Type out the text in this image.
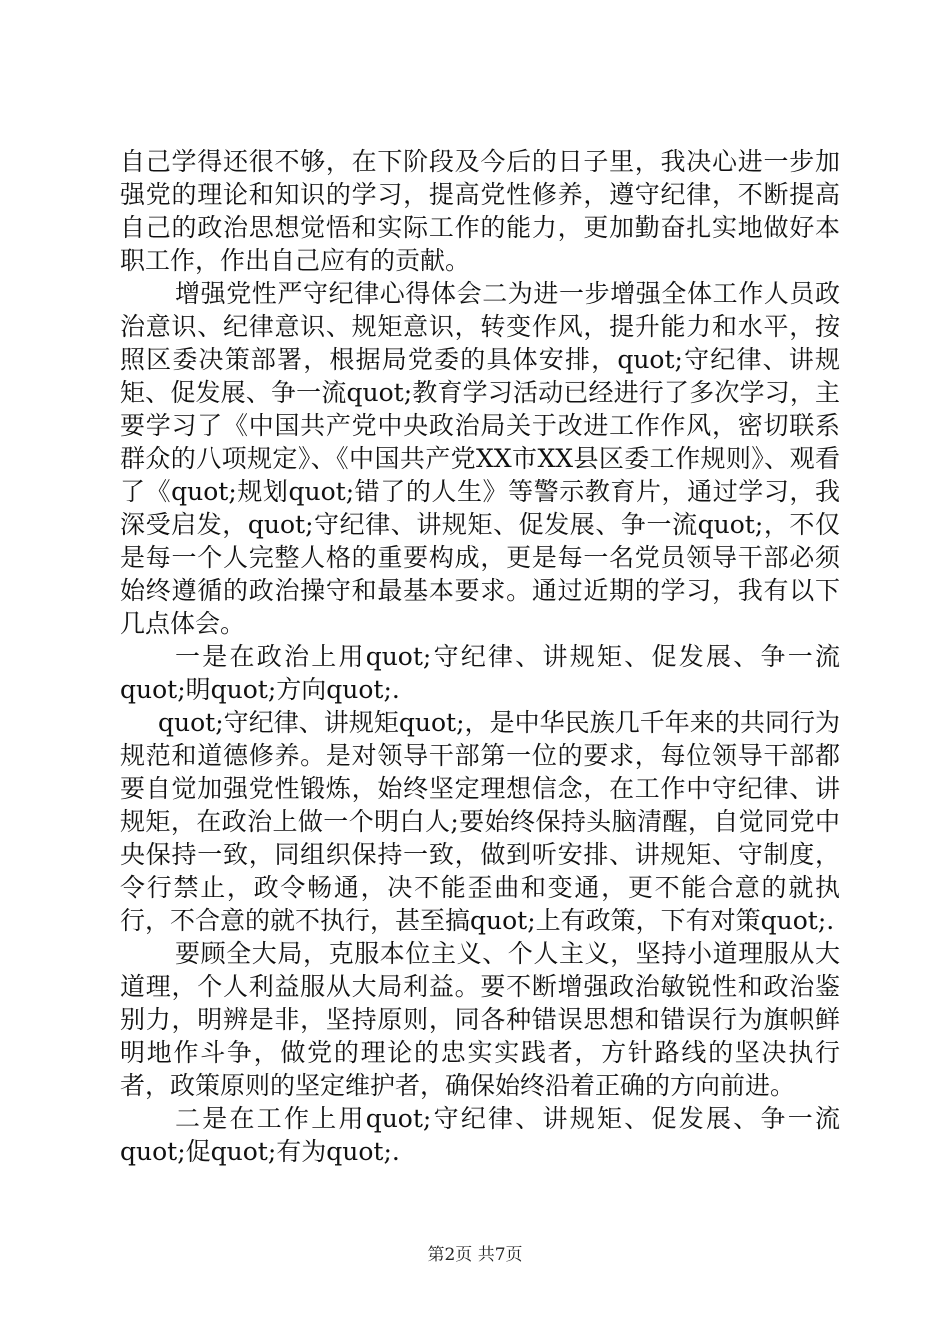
自己学得还很不够，在下阶段及今后的日子里，我决心进一步加强党的理论和知识的学习，提高党性修养，遵守纪律，不断提高自己的政治思想觉悟和实际工作的能力，更加勤奋扎实地做好本职工作，作出自己应有的贡献。

增强党性严守纪律心得体会二为进一步增强全体工作人员政治意识、纪律意识、规矩意识，转变作风，提升能力和水平，按照区委决策部署，根据局党委的具体安排，quot;守纪律、讲规矩、促发展、争一流quot;教育学习活动已经进行了多次学习，主要学习了《中国共产党中央政治局关于改进工作作风，密切联系群众的八项规定》、《中国共产党XX市XX县区委工作规则》、观看了《quot;规划quot;错了的人生》等警示教育片，通过学习，我深受启发，quot;守纪律、讲规矩、促发展、争一流quot;，不仅是每一个人完整人格的重要构成，更是每一名党员领导干部必须始终遵循的政治操守和最基本要求。通过近期的学习，我有以下几点体会。

一是在政治上用quot;守纪律、讲规矩、促发展、争一流quot;明quot;方向quot;.

quot;守纪律、讲规矩quot;，是中华民族几千年来的共同行为规范和道德修养。是对领导干部第一位的要求，每位领导干部都要自觉加强党性锻炼，始终坚定理想信念，在工作中守纪律、讲规矩，在政治上做一个明白人;要始终保持头脑清醒，自觉同党中央保持一致，同组织保持一致，做到听安排、讲规矩、守制度，令行禁止，政令畅通，决不能歪曲和变通，更不能合意的就执行，不合意的就不执行，甚至搞quot;上有政策，下有对策quot;.

要顾全大局，克服本位主义、个人主义，坚持小道理服从大道理，个人利益服从大局利益。要不断增强政治敏锐性和政治鉴别力，明辨是非，坚持原则，同各种错误思想和错误行为旗帜鲜明地作斗争，做党的理论的忠实实践者，方针路线的坚决执行者，政策原则的坚定维护者，确保始终沿着正确的方向前进。

二是在工作上用quot;守纪律、讲规矩、促发展、争一流quot;促quot;有为quot;.

第2页 共7页
